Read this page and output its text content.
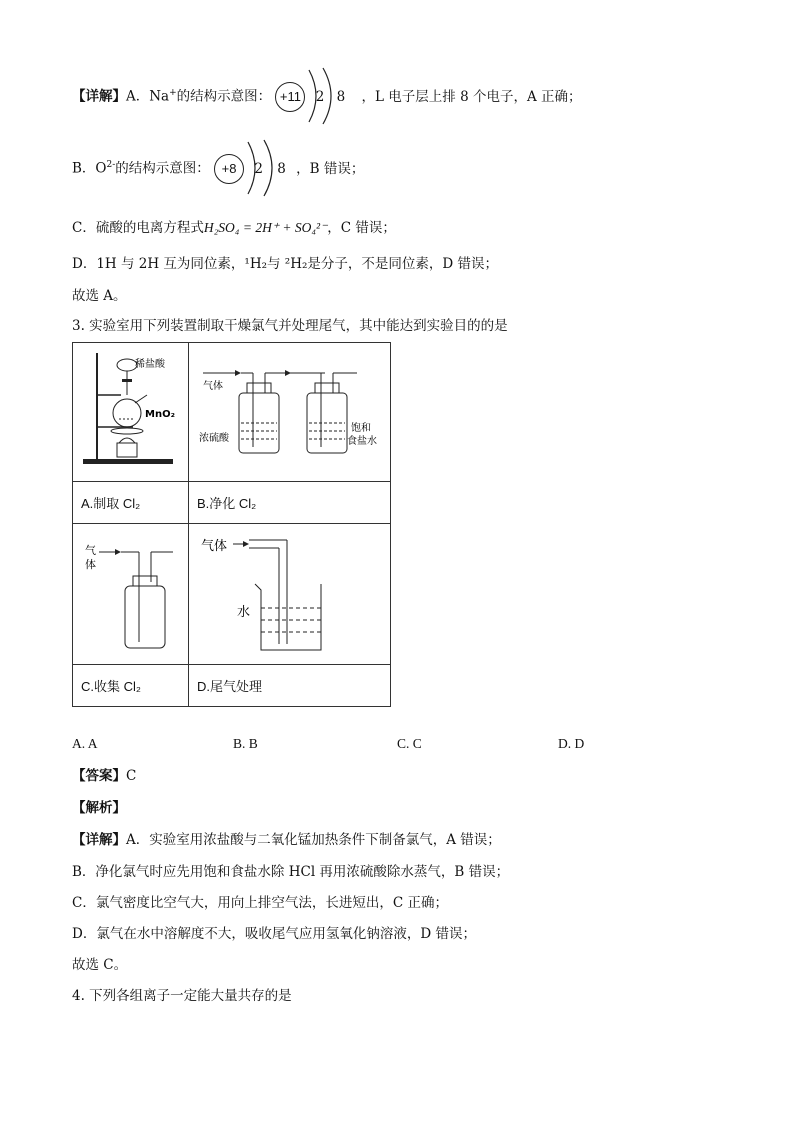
【详解】A．Na+的结构示意图： +11 2 8 ，L 电子层上排 8 个电子，A 正确；
B．$O^{2-}$的结构示意图： +8 2 8 ，B 错误；
C．硫酸的电离方程式H₂SO₄ = 2H⁺ + SO₄²⁻，C 错误；
D．1H 与 2H 互为同位素，¹H₂与 ²H₂是分子，不是同位素，D 错误；
故选 A。
3. 实验室用下列装置制取干燥氯气并处理尾气，其中能达到实验目的的是
稀盐酸
MnO₂	气体
浓硫酸
饱和
食盐水

A.制取 Cl₂	B.净化 Cl₂

气
体	气体
水

C.收集 Cl₂	D.尾气处理
A. A	B. B	C. C	D. D
【答案】C
【解析】
【详解】A．实验室用浓盐酸与二氧化锰加热条件下制备氯气，A 错误；
B．净化氯气时应先用饱和食盐水除 HCl 再用浓硫酸除水蒸气，B 错误；
C．氯气密度比空气大，用向上排空气法，长进短出，C 正确；
D．氯气在水中溶解度不大，吸收尾气应用氢氧化钠溶液，D 错误；
故选 C。
4. 下列各组离子一定能大量共存的是
